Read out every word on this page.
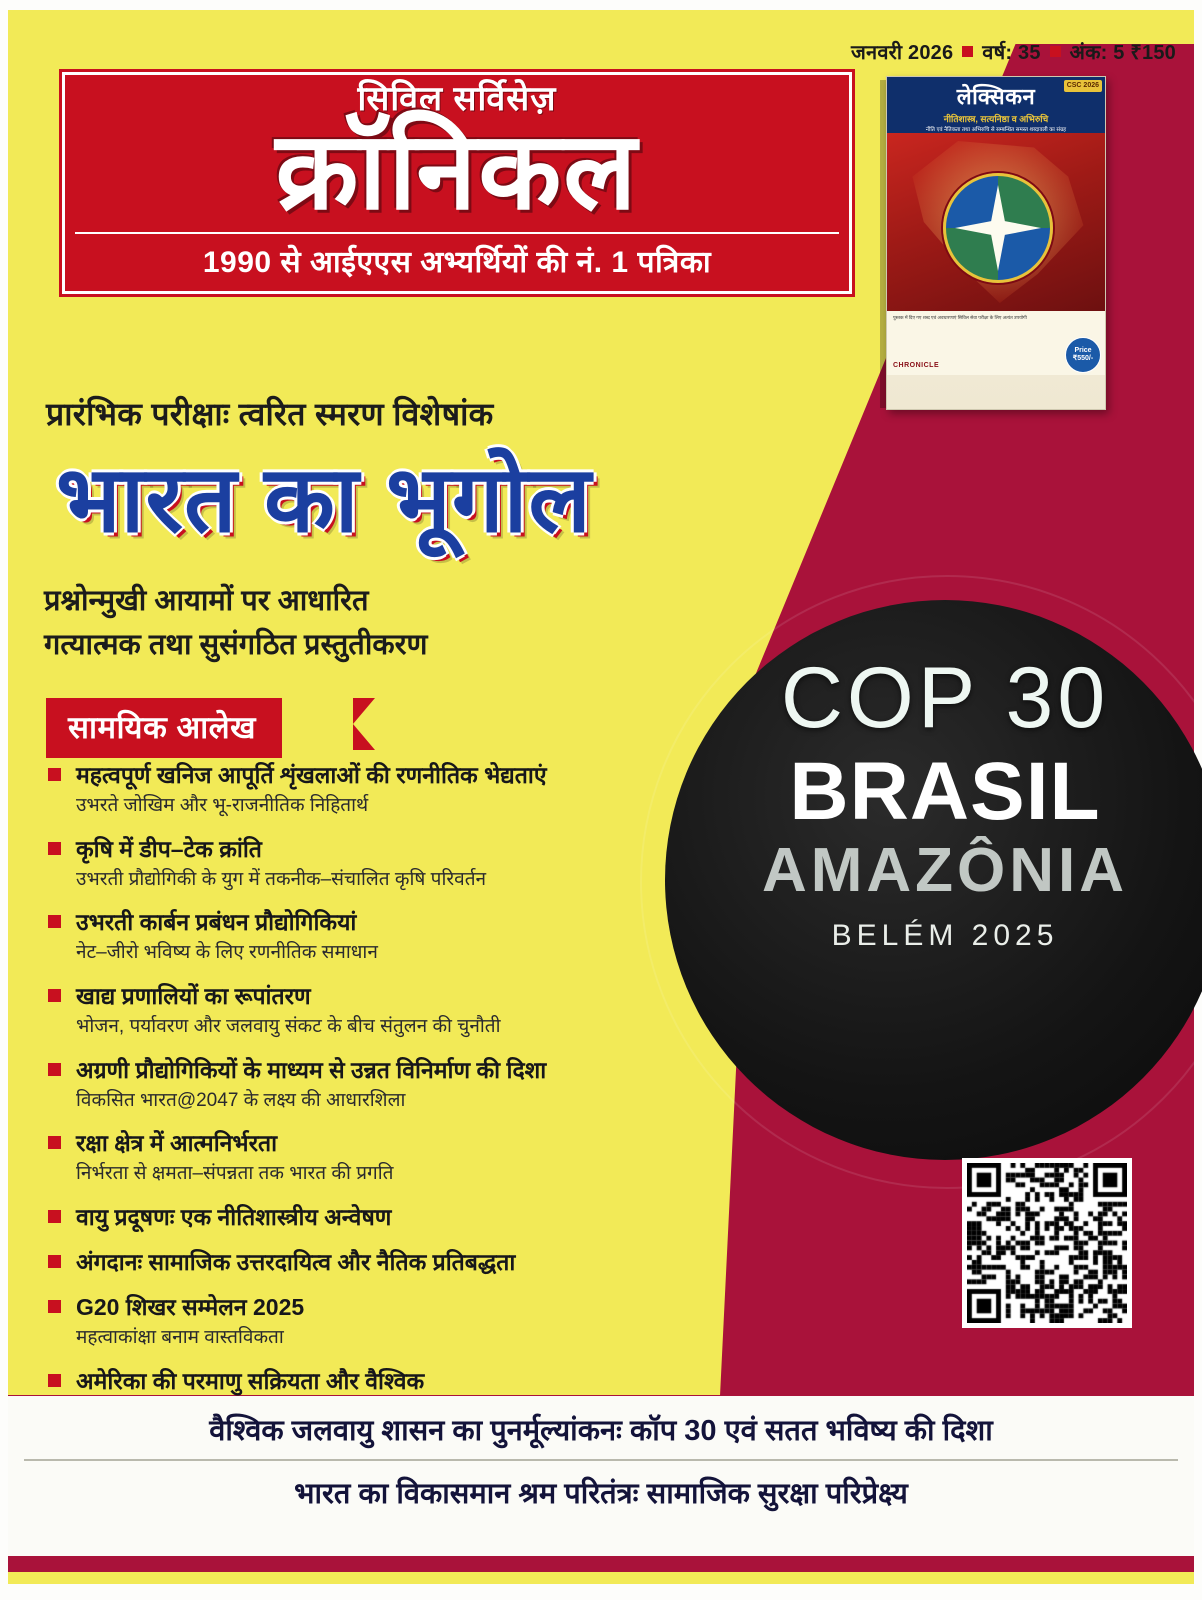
जनवरी 2026 वर्ष: 35 अंक: 5 ₹150
सिविल सर्विसेज़
क्रॉनिकल
1990 से आईएएस अभ्यर्थियों की नं. 1 पत्रिका
CSC 2026
लेक्सिकन
नीतिशास्त्र, सत्यनिष्ठा व अभिरुचि
नीति एवं नैतिकता तथा अभिरुचि से सम्बन्धित समस्त शब्दावली का संग्रह
पुस्तक में दिए गए शब्द एवं अवधारणाएं सिविल सेवा परीक्षा के लिए अत्यंत उपयोगी
CHRONICLE
Price
₹550/-
प्रारंभिक परीक्षाः त्वरित स्मरण विशेषांक
भारत का भूगोल
प्रश्नोन्मुखी आयामों पर आधारित
गत्यात्मक तथा सुसंगठित प्रस्तुतीकरण
सामयिक आलेख
महत्वपूर्ण खनिज आपूर्ति शृंखलाओं की रणनीतिक भेद्यताएं
उभरते जोखिम और भू-राजनीतिक निहितार्थ
कृषि में डीप–टेक क्रांति
उभरती प्रौद्योगिकी के युग में तकनीक–संचालित कृषि परिवर्तन
उभरती कार्बन प्रबंधन प्रौद्योगिकियां
नेट–जीरो भविष्य के लिए रणनीतिक समाधान
खाद्य प्रणालियों का रूपांतरण
भोजन, पर्यावरण और जलवायु संकट के बीच संतुलन की चुनौती
अग्रणी प्रौद्योगिकियों के माध्यम से उन्नत विनिर्माण की दिशा
विकसित भारत@2047 के लक्ष्य की आधारशिला
रक्षा क्षेत्र में आत्मनिर्भरता
निर्भरता से क्षमता–संपन्नता तक भारत की प्रगति
वायु प्रदूषणः एक नीतिशास्त्रीय अन्वेषण
अंगदानः सामाजिक उत्तरदायित्व और नैतिक प्रतिबद्धता
G20 शिखर सम्मेलन 2025
महत्वाकांक्षा बनाम वास्तविकता
अमेरिका की परमाणु सक्रियता और वैश्विक
COP 30
BRASIL
AMAZÔNIA
BELÉM 2025
वैश्विक जलवायु शासन का पुनर्मूल्यांकनः कॉप 30 एवं सतत भविष्य की दिशा
भारत का विकासमान श्रम परितंत्रः सामाजिक सुरक्षा परिप्रेक्ष्य
